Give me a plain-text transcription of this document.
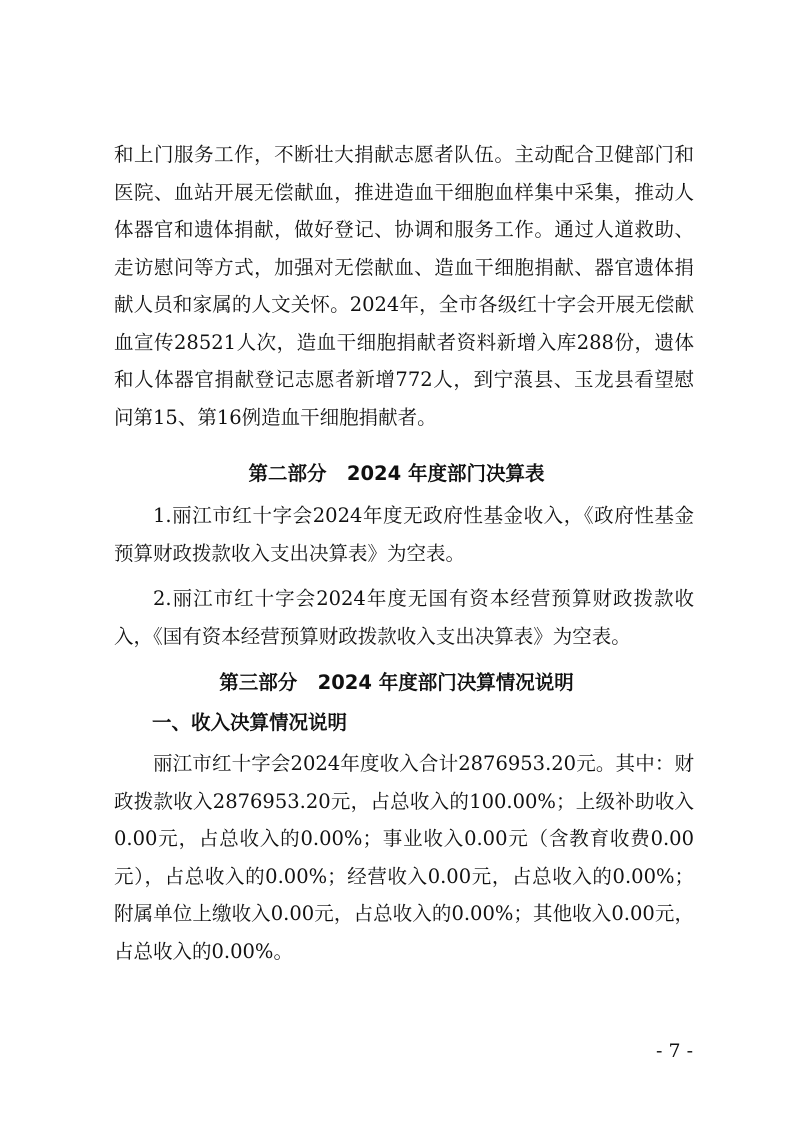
和上门服务工作，不断壮大捐献志愿者队伍。主动配合卫健部门和医院、血站开展无偿献血，推进造血干细胞血样集中采集，推动人体器官和遗体捐献，做好登记、协调和服务工作。通过人道救助、走访慰问等方式，加强对无偿献血、造血干细胞捐献、器官遗体捐献人员和家属的人文关怀。2024年，全市各级红十字会开展无偿献血宣传28521人次，造血干细胞捐献者资料新增入库288份，遗体和人体器官捐献登记志愿者新增772人，到宁蒗县、玉龙县看望慰问第15、第16例造血干细胞捐献者。

第二部分   2024 年度部门决算表

1.丽江市红十字会2024年度无政府性基金收入，《政府性基金预算财政拨款收入支出决算表》为空表。

2.丽江市红十字会2024年度无国有资本经营预算财政拨款收入，《国有资本经营预算财政拨款收入支出决算表》为空表。

第三部分   2024 年度部门决算情况说明
一、收入决算情况说明

丽江市红十字会2024年度收入合计2876953.20元。其中：财政拨款收入2876953.20元，占总收入的100.00%；上级补助收入0.00元，占总收入的0.00%；事业收入0.00元（含教育收费0.00元），占总收入的0.00%；经营收入0.00元，占总收入的0.00%；附属单位上缴收入0.00元，占总收入的0.00%；其他收入0.00元，占总收入的0.00%。

- 7 -
